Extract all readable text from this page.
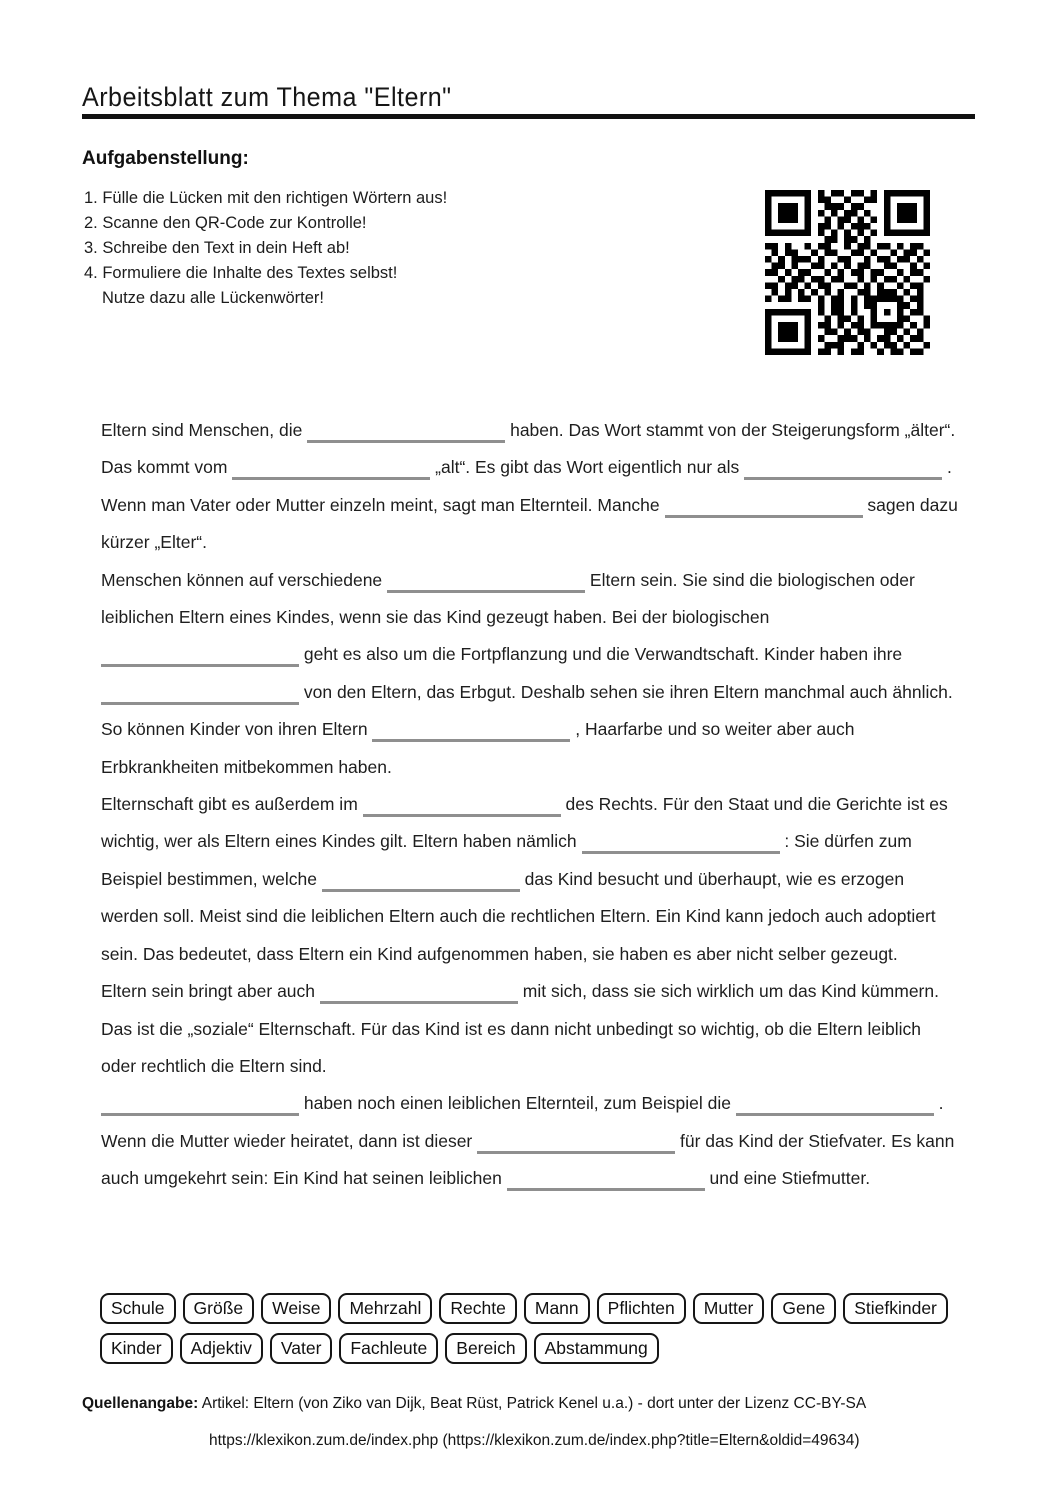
Arbeitsblatt zum Thema "Eltern"
Aufgabenstellung:
1. Fülle die Lücken mit den richtigen Wörtern aus!
2. Scanne den QR-Code zur Kontrolle!
3. Schreibe den Text in dein Heft ab!
4. Formuliere die Inhalte des Textes selbst!
Nutze dazu alle Lückenwörter!
Eltern sind Menschen, die	haben. Das Wort stammt von der Steigerungsform „älter“. Das kommt vom	„alt“. Es gibt das Wort eigentlich nur als	. Wenn man Vater oder Mutter einzeln meint, sagt man Elternteil. Manche	sagen dazu kürzer „Elter“.
Menschen können auf verschiedene	Eltern sein. Sie sind die biologischen oder leiblichen Eltern eines Kindes, wenn sie das Kind gezeugt haben. Bei der biologischen  geht es also um die Fortpflanzung und die Verwandtschaft. Kinder haben ihre  von den Eltern, das Erbgut. Deshalb sehen sie ihren Eltern manchmal auch ähnlich. So können Kinder von ihren Eltern	, Haarfarbe und so weiter aber auch Erbkrankheiten mitbekommen haben.
Elternschaft gibt es außerdem im	des Rechts. Für den Staat und die Gerichte ist es wichtig, wer als Eltern eines Kindes gilt. Eltern haben nämlich	: Sie dürfen zum Beispiel bestimmen, welche	das Kind besucht und überhaupt, wie es erzogen werden soll. Meist sind die leiblichen Eltern auch die rechtlichen Eltern. Ein Kind kann jedoch auch adoptiert sein. Das bedeutet, dass Eltern ein Kind aufgenommen haben, sie haben es aber nicht selber gezeugt.
Eltern sein bringt aber auch	mit sich, dass sie sich wirklich um das Kind kümmern. Das ist die „soziale“ Elternschaft. Für das Kind ist es dann nicht unbedingt so wichtig, ob die Eltern leiblich oder rechtlich die Eltern sind.
haben noch einen leiblichen Elternteil, zum Beispiel die	. Wenn die Mutter wieder heiratet, dann ist dieser	für das Kind der Stiefvater. Es kann auch umgekehrt sein: Ein Kind hat seinen leiblichen	und eine Stiefmutter.
Schule	Größe	Weise	Mehrzahl	Rechte	Mann	Pflichten	Mutter	Gene	Stiefkinder
Kinder	Adjektiv	Vater	Fachleute	Bereich	Abstammung
Quellenangabe: Artikel: Eltern (von Ziko van Dijk, Beat Rüst, Patrick Kenel u.a.) - dort unter der Lizenz CC-BY-SA
https://klexikon.zum.de/index.php (https://klexikon.zum.de/index.php?title=Eltern&oldid=49634)
